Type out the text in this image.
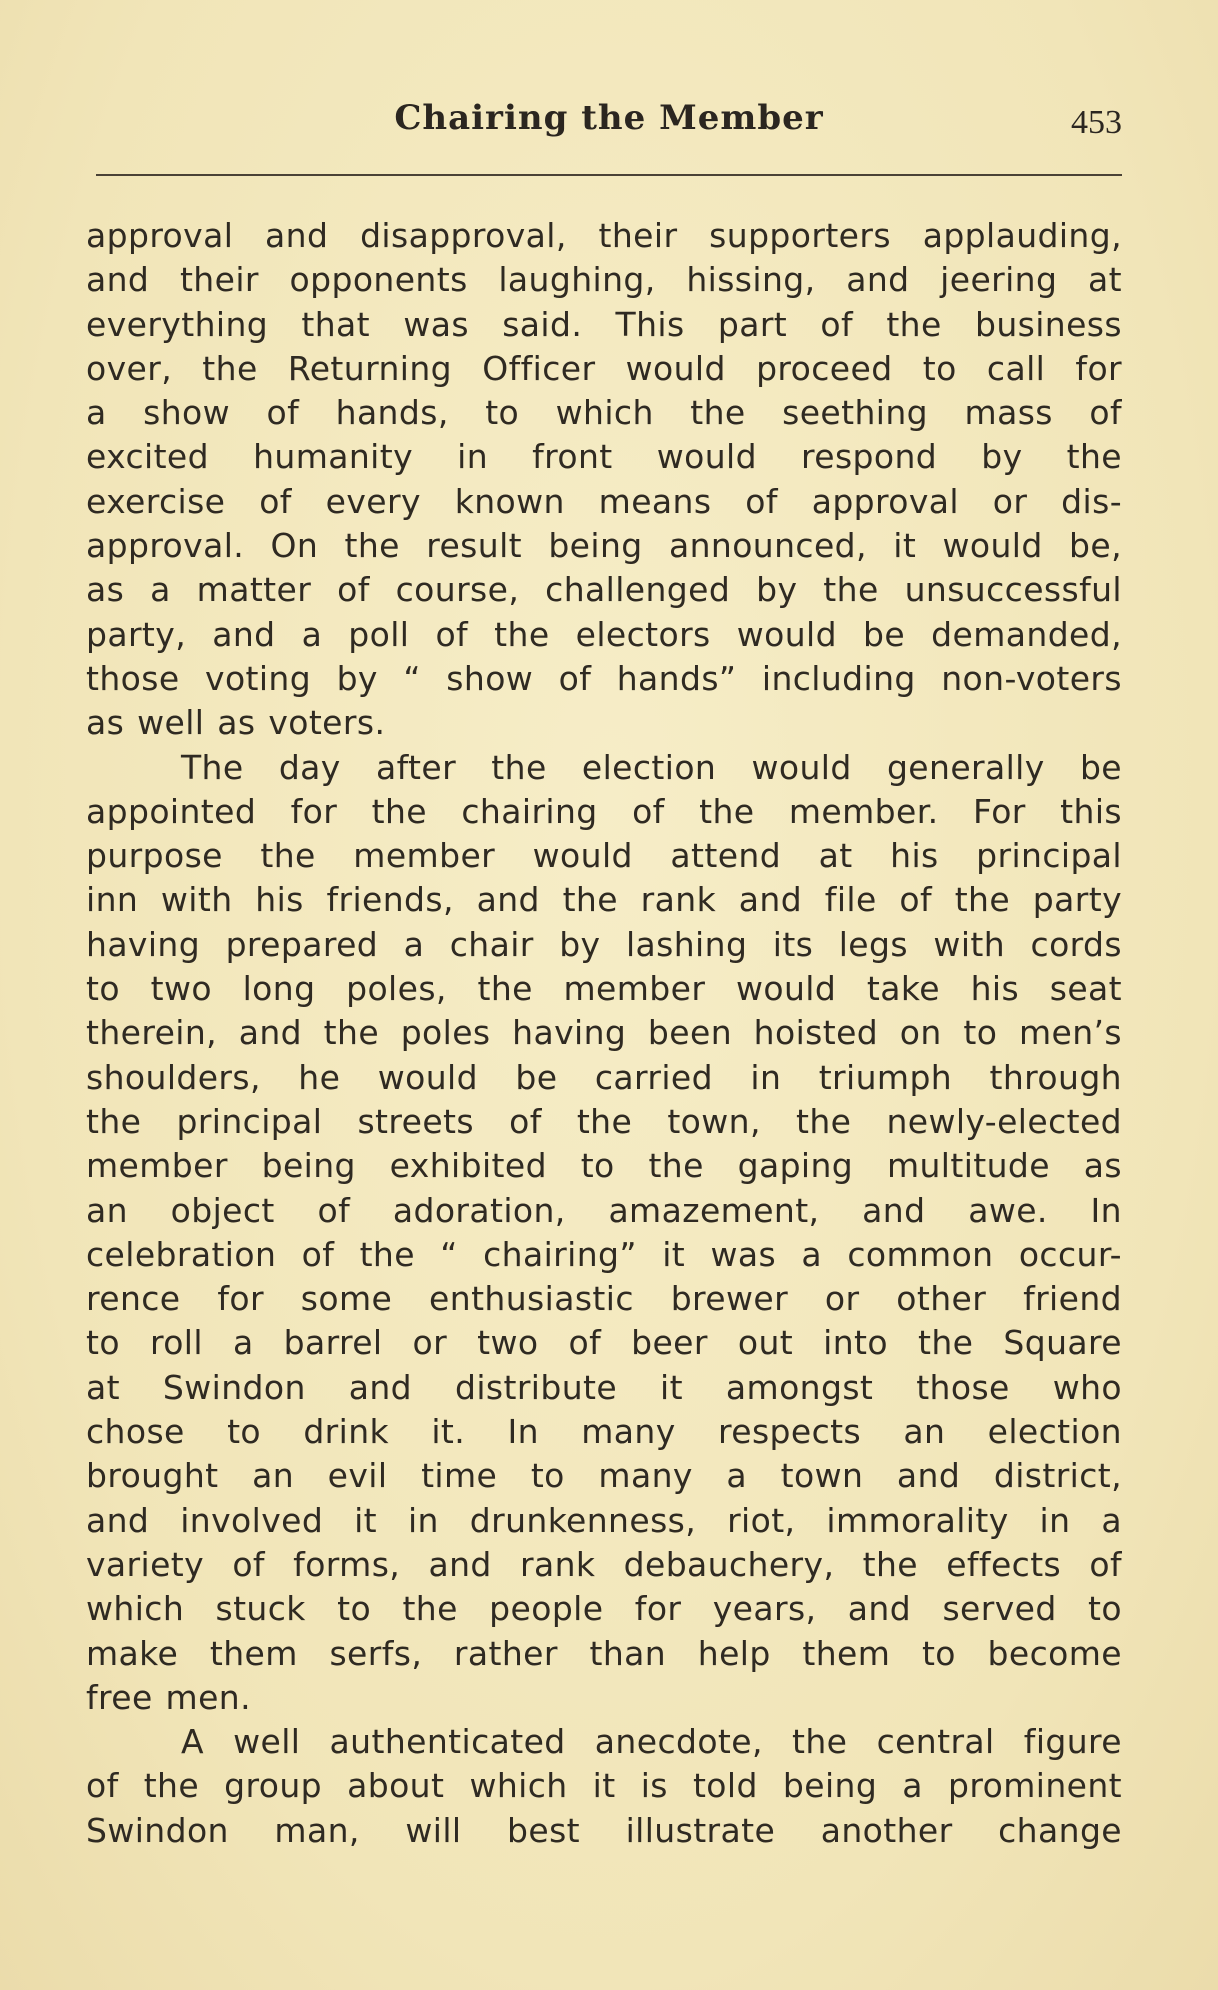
Chairing the Member	453
approval and disapproval, their supporters applauding,
and their opponents laughing, hissing, and jeering at
everything that was said. This part of the business
over, the Returning Officer would proceed to call for
a show of hands, to which the seething mass of
excited humanity in front would respond by the
exercise of every known means of approval or dis-
approval. On the result being announced, it would be,
as a matter of course, challenged by the unsuccessful
party, and a poll of the electors would be demanded,
those voting by “ show of hands” including non-voters
as well as voters.
The day after the election would generally be
appointed for the chairing of the member. For this
purpose the member would attend at his principal
inn with his friends, and the rank and file of the party
having prepared a chair by lashing its legs with cords
to two long poles, the member would take his seat
therein, and the poles having been hoisted on to men’s
shoulders, he would be carried in triumph through
the principal streets of the town, the newly-elected
member being exhibited to the gaping multitude as
an object of adoration, amazement, and awe. In
celebration of the “ chairing” it was a common occur-
rence for some enthusiastic brewer or other friend
to roll a barrel or two of beer out into the Square
at Swindon and distribute it amongst those who
chose to drink it. In many respects an election
brought an evil time to many a town and district,
and involved it in drunkenness, riot, immorality in a
variety of forms, and rank debauchery, the effects of
which stuck to the people for years, and served to
make them serfs, rather than help them to become
free men.
A well authenticated anecdote, the central figure
of the group about which it is told being a prominent
Swindon man, will best illustrate another change
